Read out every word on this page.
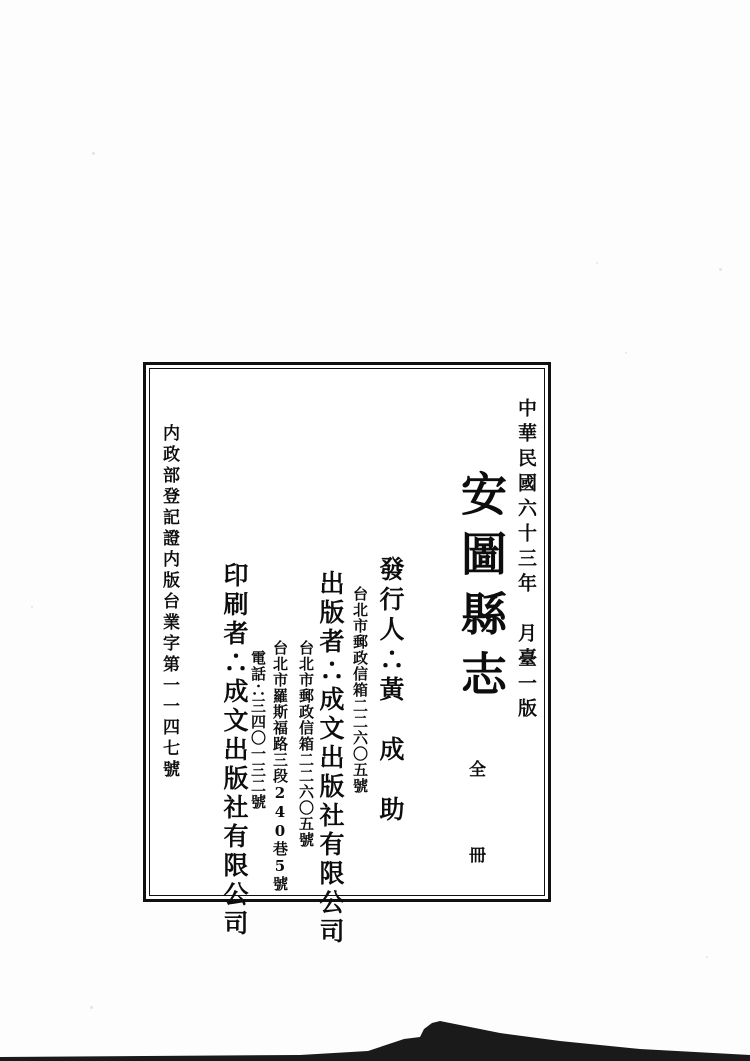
中華民國六十三年　月臺一版
安圖縣志
全　冊
台北市郵政信箱二二六〇五號 發行人∴黃　成　助
出版者∴成文出版社有限公司
台北市郵政信箱二二六〇五號
台北市羅斯福路三段240巷5號
電話∴三四〇一三二號
印刷者∴成文出版社有限公司
内政部登記證内版台業字第一一四七號
